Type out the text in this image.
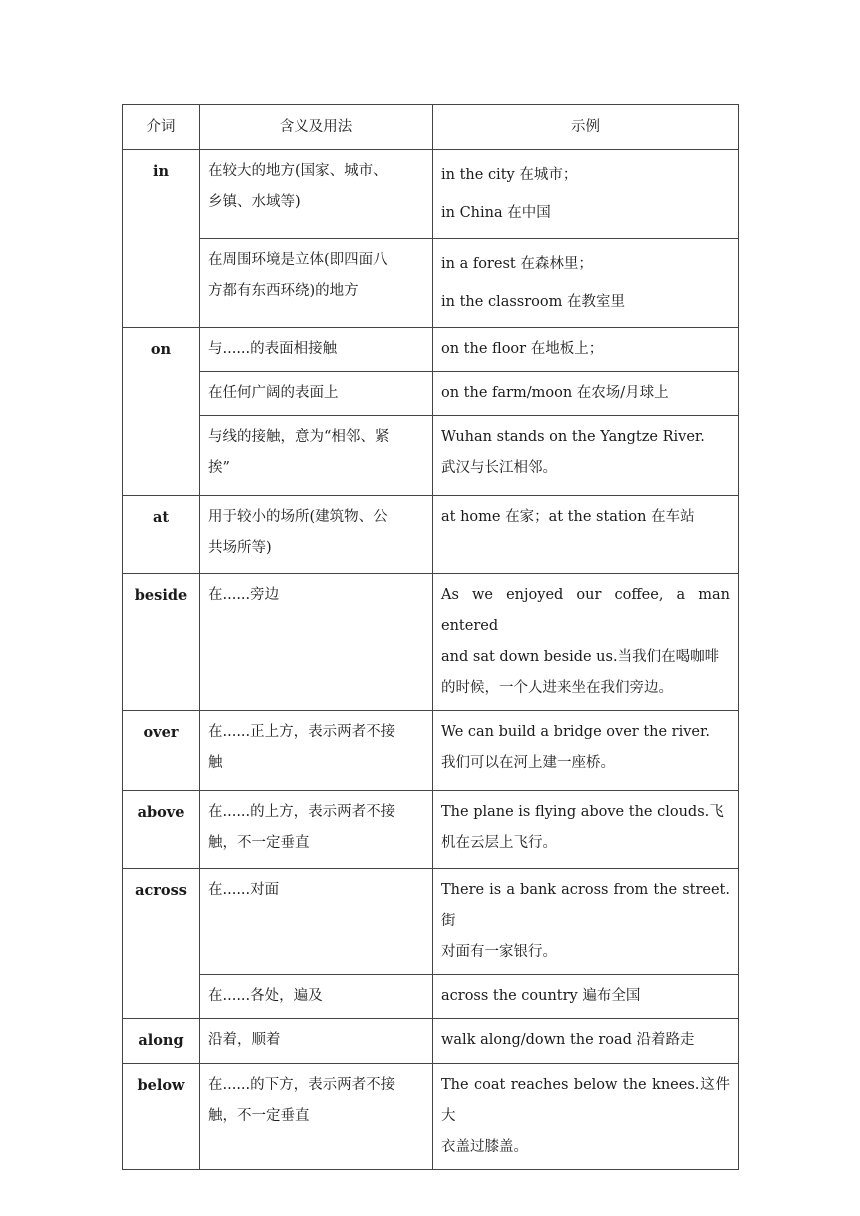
介词	含义及用法	示例
in	在较大的地方(国家、城市、
乡镇、水域等)	in the city 在城市；
in China 在中国

	在周围环境是立体(即四面八
方都有东西环绕)的地方	in a forest 在森林里；
in the classroom 在教室里

on	与......的表面相接触	on the floor 在地板上；

	在任何广阔的表面上	on the farm/moon 在农场/月球上

	与线的接触，意为“相邻、紧
挨”	Wuhan stands on the Yangtze River.
武汉与长江相邻。

at	用于较小的场所(建筑物、公
共场所等)	at home 在家；at the station 在车站

beside	在......旁边	As we enjoyed our coffee, a man entered
and sat down beside us.当我们在喝咖啡
的时候，一个人进来坐在我们旁边。

over	在......正上方，表示两者不接
触	We can build a bridge over the river.
我们可以在河上建一座桥。

above	在......的上方，表示两者不接
触，不一定垂直	The plane is flying above the clouds.飞
机在云层上飞行。

across	在......对面	There is a bank across from the street.街
对面有一家银行。

	在......各处，遍及	across the country 遍布全国

along	沿着，顺着	walk along/down the road 沿着路走

below	在......的下方，表示两者不接
触，不一定垂直	The coat reaches below the knees.这件大
衣盖过膝盖。
